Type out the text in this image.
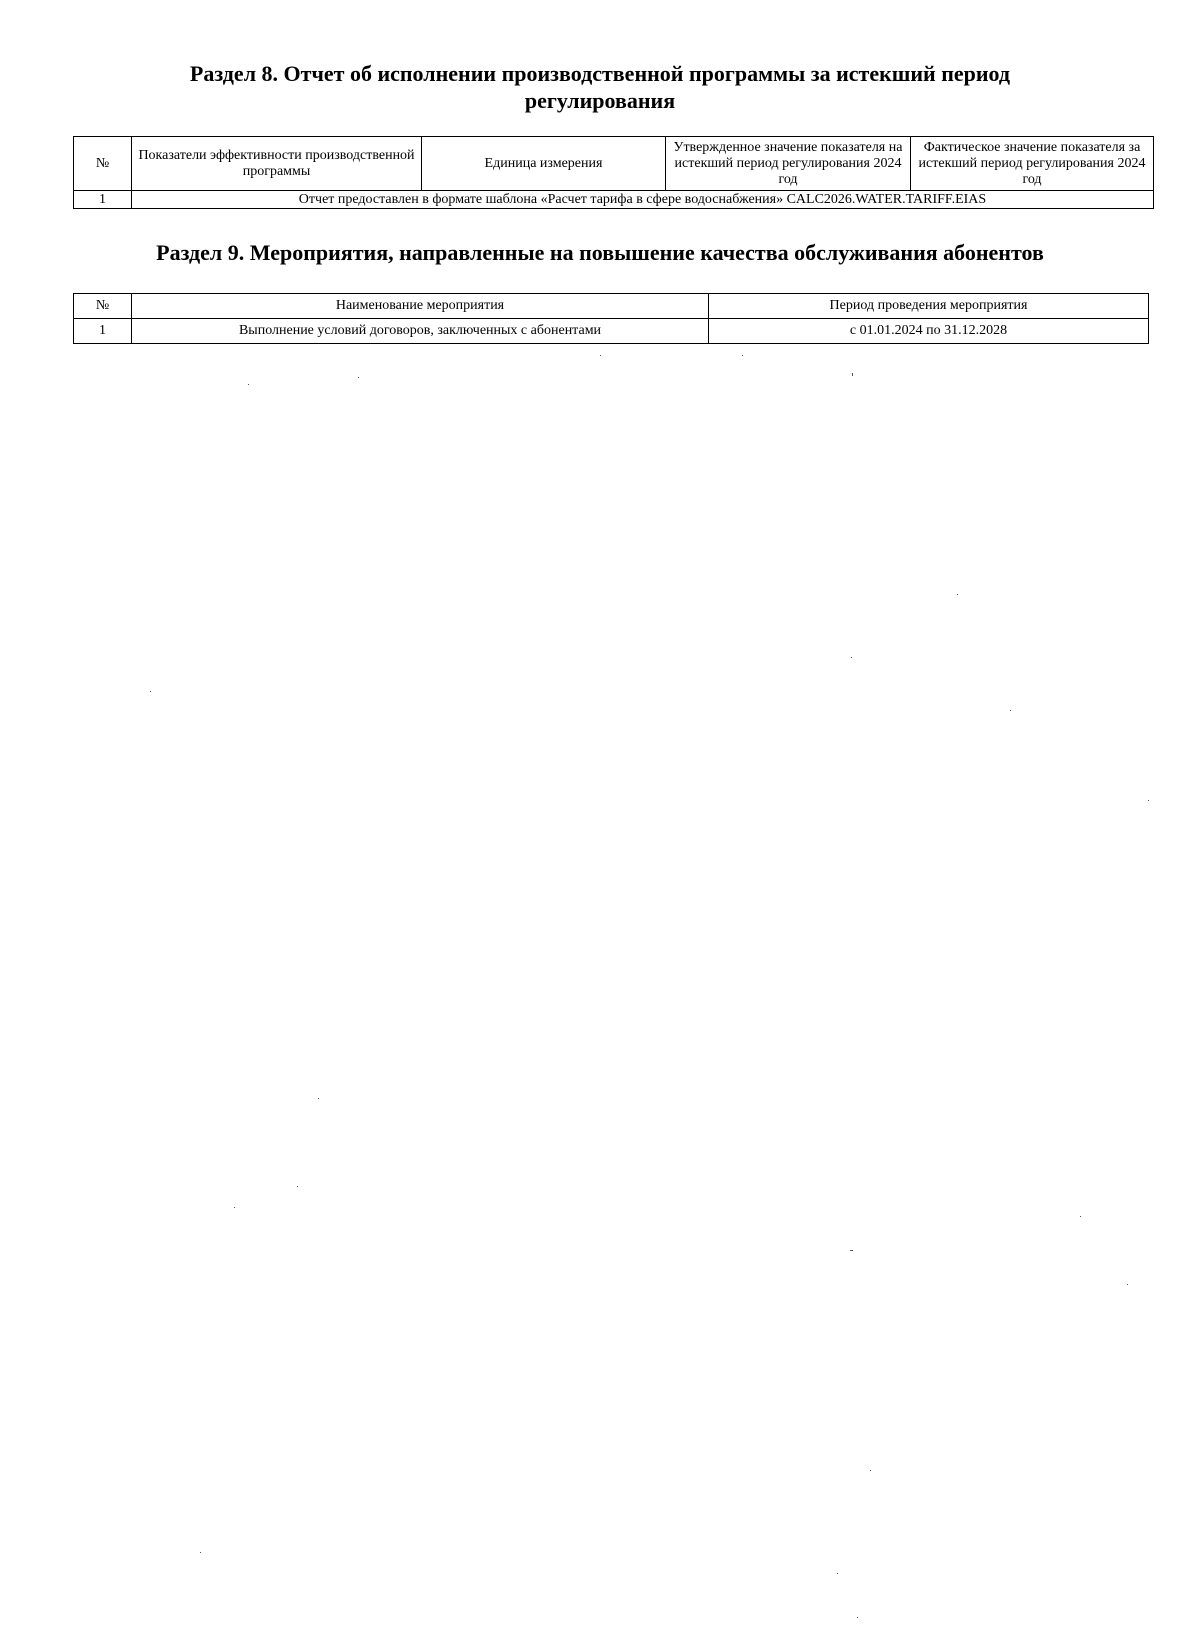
Раздел 8. Отчет об исполнении производственной программы за истекший период регулирования
№	Показатели эффективности производственной программы	Единица измерения	Утвержденное значение показателя на истекший период регулирования 2024 год	Фактическое значение показателя за истекший период регулирования 2024 год
1	Отчет предоставлен в формате шаблона «Расчет тарифа в сфере водоснабжения» CALC2026.WATER.TARIFF.EIAS			
Раздел 9. Мероприятия, направленные на повышение качества обслуживания абонентов
№	Наименование мероприятия	Период проведения мероприятия
1	Выполнение условий договоров, заключенных с абонентами	с 01.01.2024 по 31.12.2028
